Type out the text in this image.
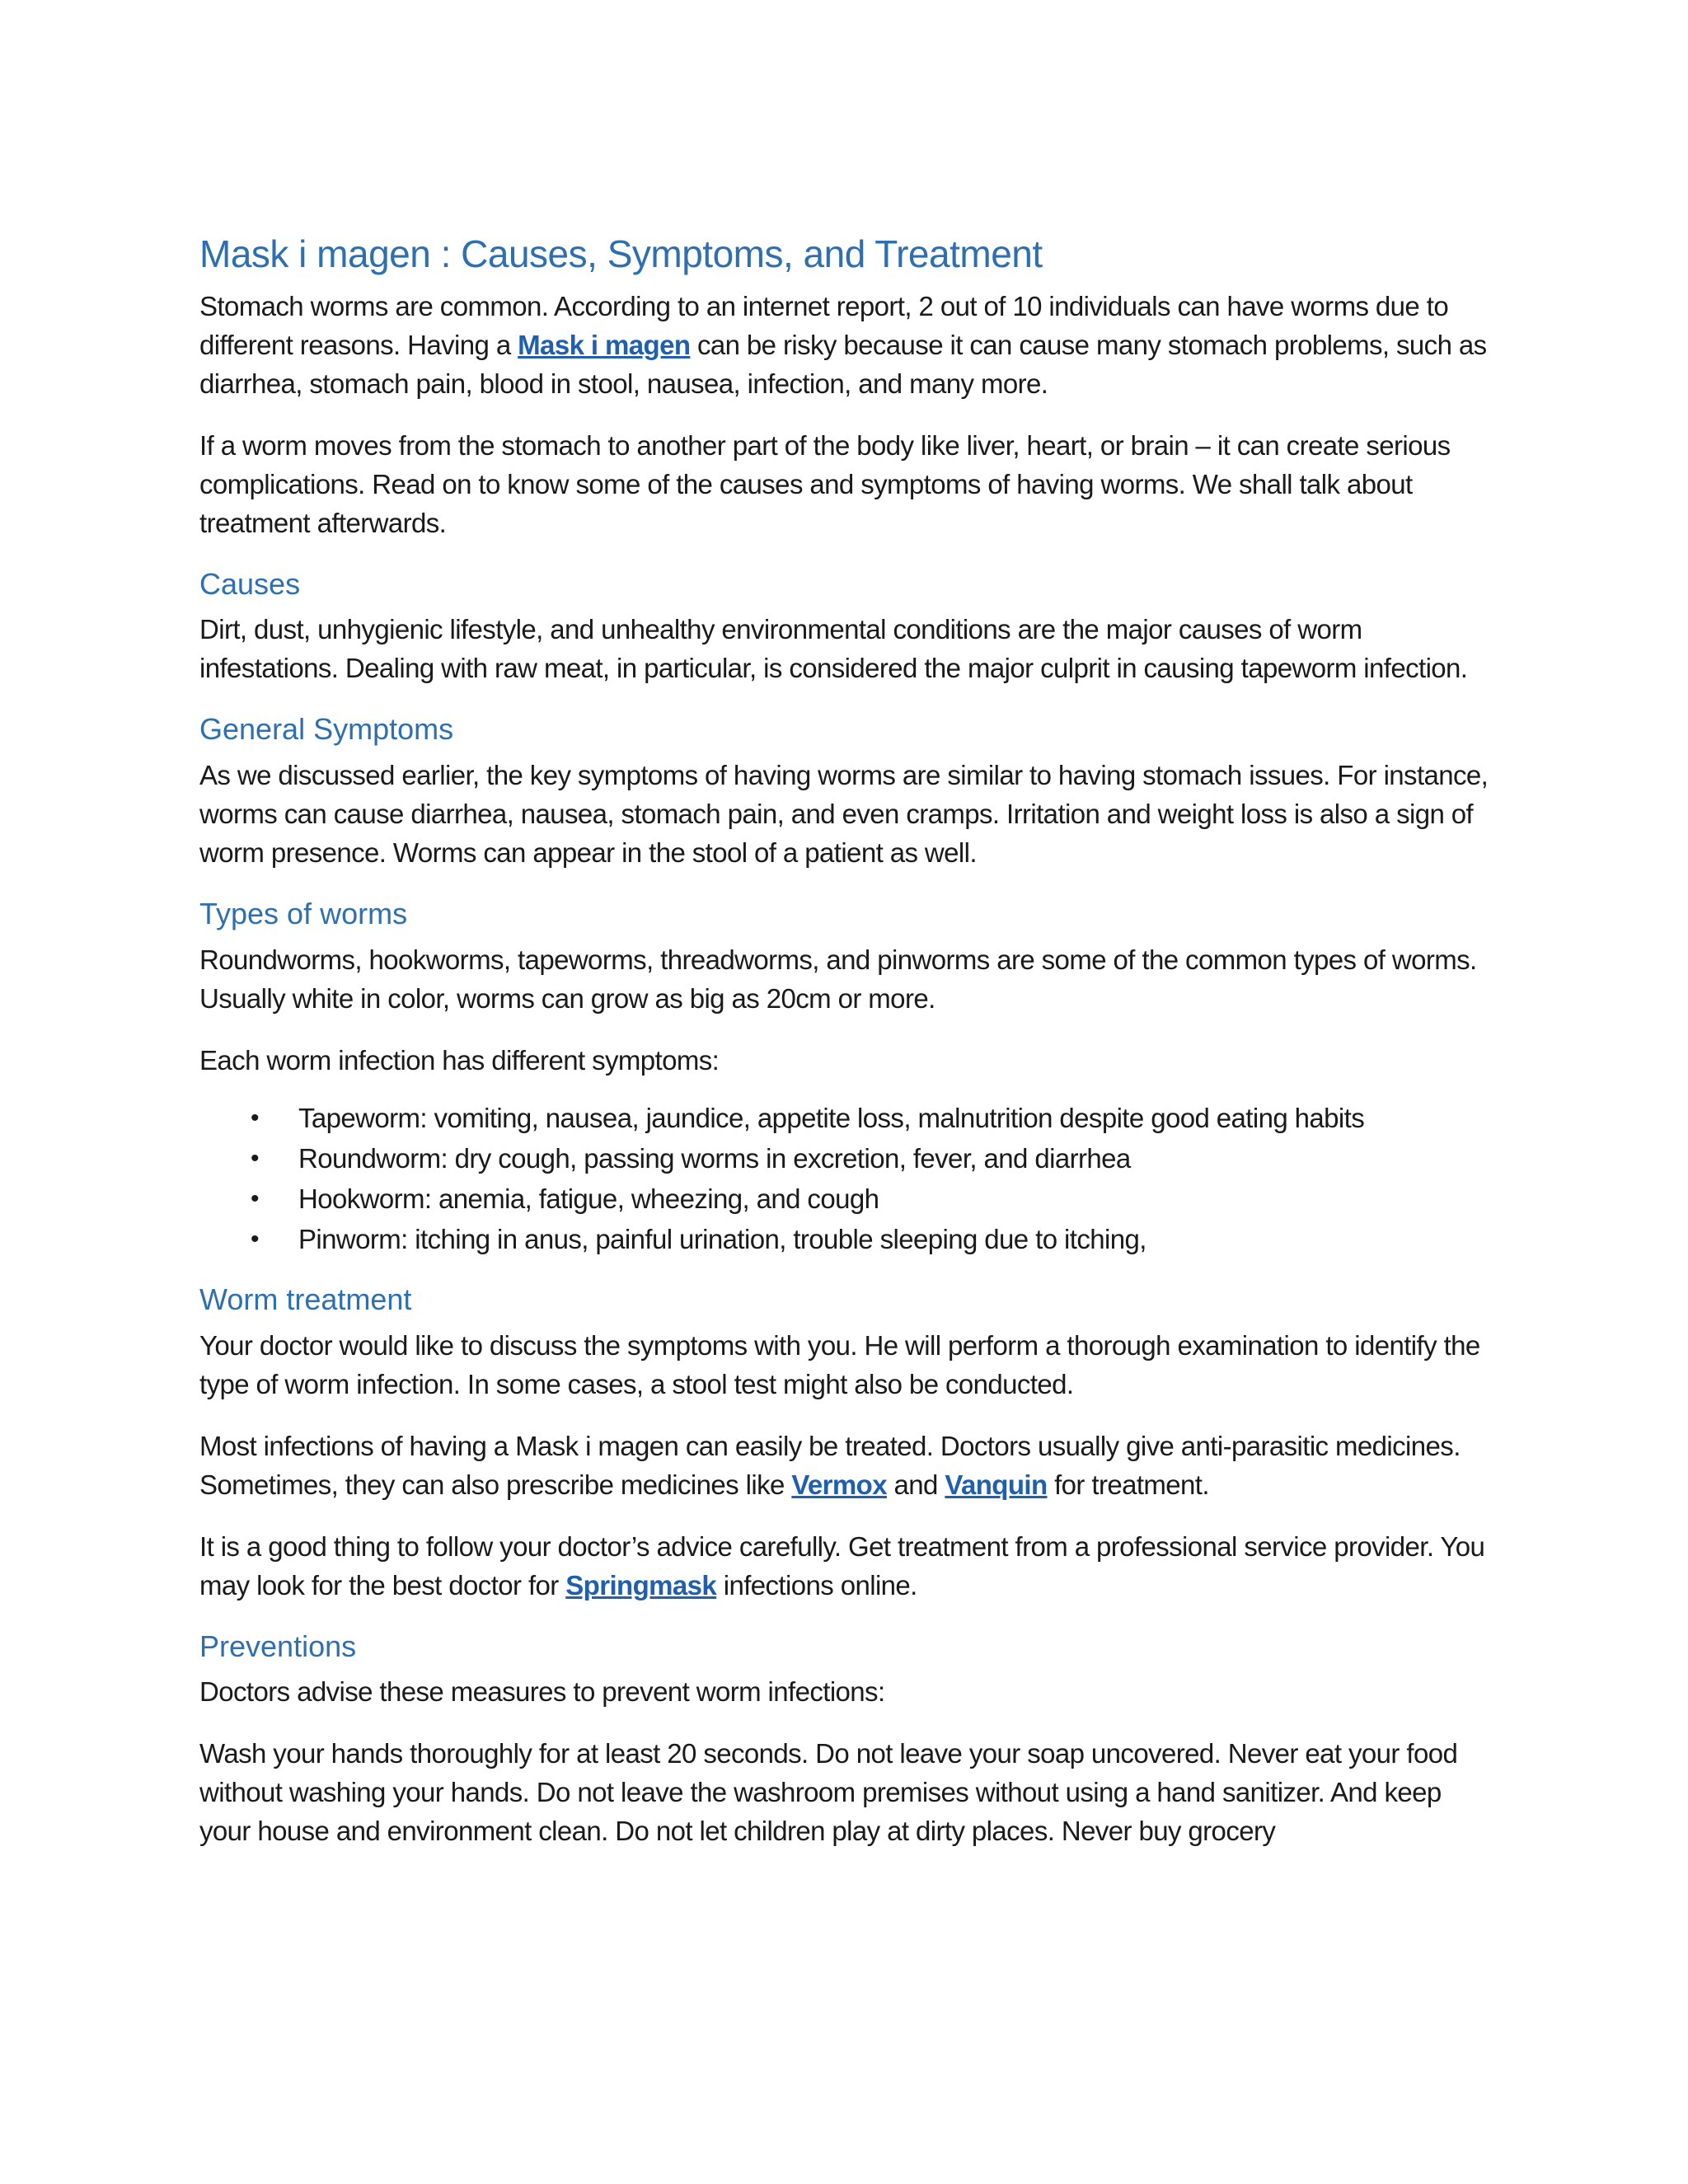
Mask i magen : Causes, Symptoms, and Treatment

Stomach worms are common. According to an internet report, 2 out of 10 individuals can have worms due to different reasons. Having a Mask i magen can be risky because it can cause many stomach problems, such as diarrhea, stomach pain, blood in stool, nausea, infection, and many more.

If a worm moves from the stomach to another part of the body like liver, heart, or brain – it can create serious complications. Read on to know some of the causes and symptoms of having worms. We shall talk about treatment afterwards.

Causes

Dirt, dust, unhygienic lifestyle, and unhealthy environmental conditions are the major causes of worm infestations. Dealing with raw meat, in particular, is considered the major culprit in causing tapeworm infection.

General Symptoms

As we discussed earlier, the key symptoms of having worms are similar to having stomach issues. For instance, worms can cause diarrhea, nausea, stomach pain, and even cramps. Irritation and weight loss is also a sign of worm presence. Worms can appear in the stool of a patient as well.

Types of worms

Roundworms, hookworms, tapeworms, threadworms, and pinworms are some of the common types of worms. Usually white in color, worms can grow as big as 20cm or more.

Each worm infection has different symptoms:

• Tapeworm: vomiting, nausea, jaundice, appetite loss, malnutrition despite good eating habits
• Roundworm: dry cough, passing worms in excretion, fever, and diarrhea
• Hookworm: anemia, fatigue, wheezing, and cough
• Pinworm: itching in anus, painful urination, trouble sleeping due to itching,
Worm treatment

Your doctor would like to discuss the symptoms with you. He will perform a thorough examination to identify the type of worm infection. In some cases, a stool test might also be conducted.

Most infections of having a Mask i magen can easily be treated. Doctors usually give anti-parasitic medicines. Sometimes, they can also prescribe medicines like Vermox and Vanquin for treatment.

It is a good thing to follow your doctor’s advice carefully. Get treatment from a professional service provider. You may look for the best doctor for Springmask infections online.

Preventions

Doctors advise these measures to prevent worm infections:

Wash your hands thoroughly for at least 20 seconds. Do not leave your soap uncovered. Never eat your food without washing your hands. Do not leave the washroom premises without using a hand sanitizer. And keep your house and environment clean. Do not let children play at dirty places. Never buy grocery
